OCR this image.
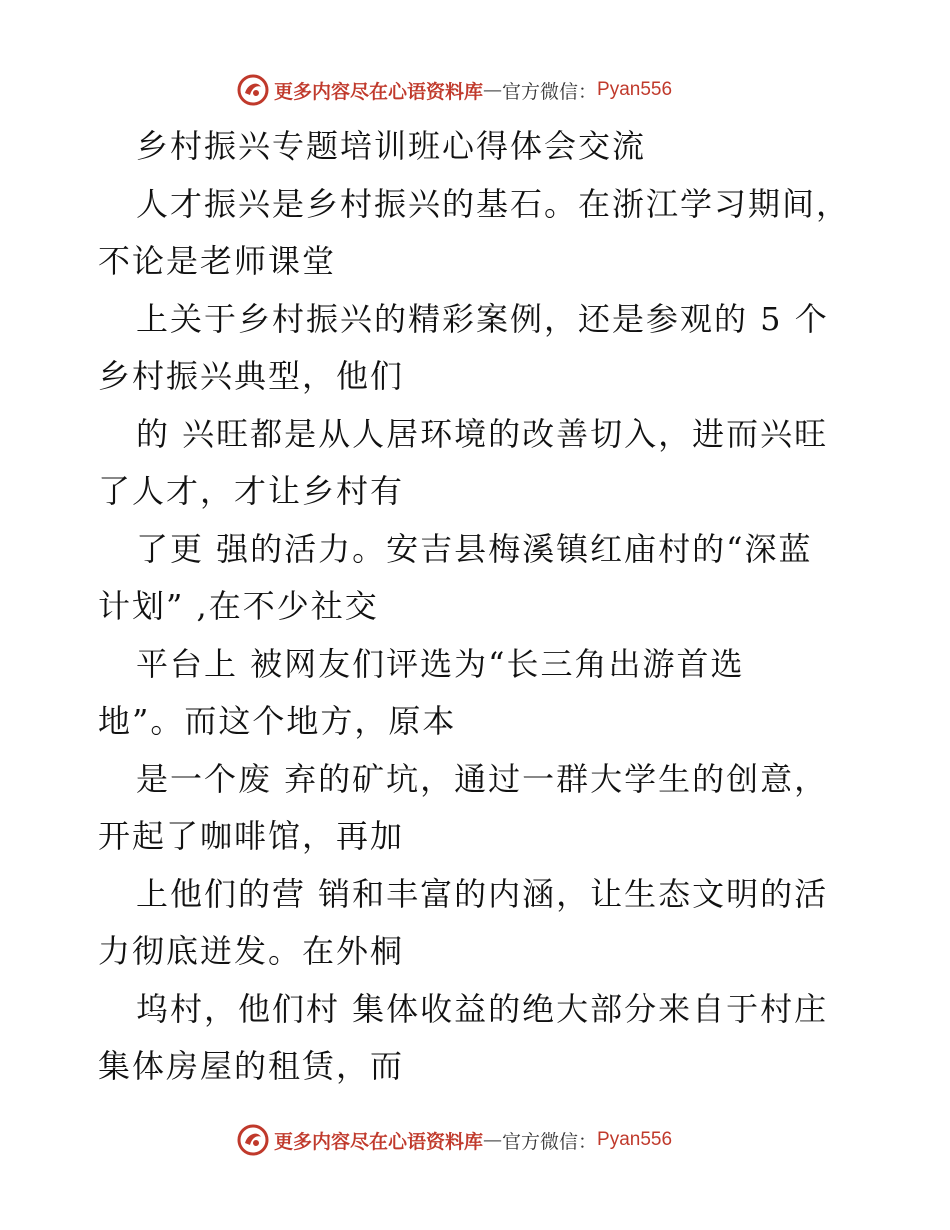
更多内容尽在心语资料库 — 官方微信： Pyan556
乡村振兴专题培训班心得体会交流
人才振兴是乡村振兴的基石。在浙江学习期间，
不论是老师课堂
上关于乡村振兴的精彩案例，还是参观的 5 个
乡村振兴典型，他们
的 兴旺都是从人居环境的改善切入，进而兴旺
了人才，才让乡村有
了更 强的活力。安吉县梅溪镇红庙村的“深蓝
计划” ,在不少社交
平台上 被网友们评选为“长三角出游首选
地”。而这个地方，原本
是一个废 弃的矿坑，通过一群大学生的创意，
开起了咖啡馆，再加
上他们的营 销和丰富的内涵，让生态文明的活
力彻底迸发。在外桐
坞村，他们村 集体收益的绝大部分来自于村庄
集体房屋的租赁，而
更多内容尽在心语资料库 — 官方微信： Pyan556
